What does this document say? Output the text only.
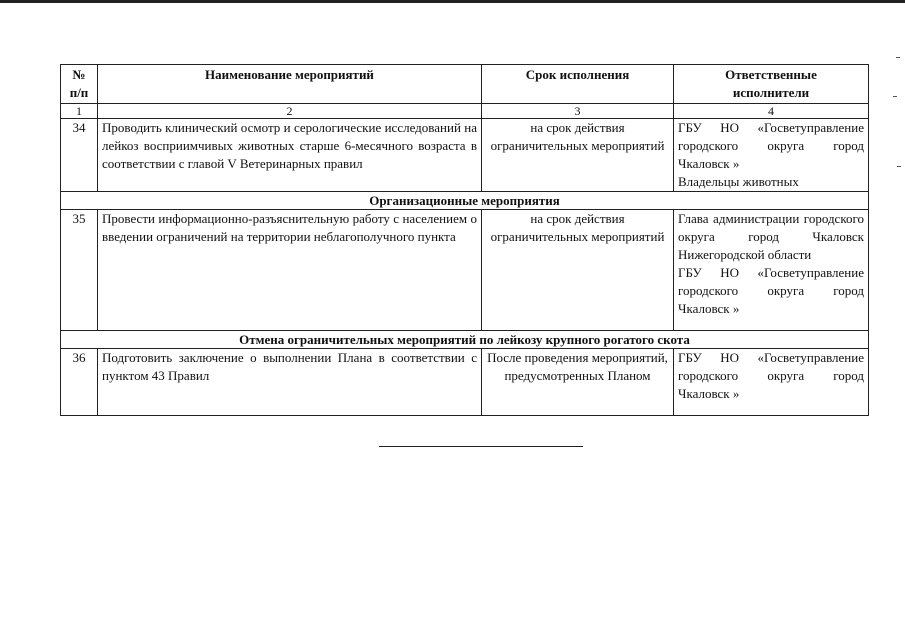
№
п/п	Наименование мероприятий	Срок исполнения	Ответственные
исполнители
1	2	3	4
34	Проводить клинический осмотр и серологические исследований на лейкоз восприимчивых животных старше 6-месячного возраста в соответствии с главой V Ветеринарных правил	на срок действия ограничительных мероприятий	ГБУ НО «Госветуправление городского округа город Чкаловск »
Владельцы животных

Организационные мероприятия			
35	Провести информационно-разъяснительную работу с населением о введении ограничений на территории неблагополучного пункта	на срок действия ограничительных мероприятий	Глава администрации городского округа город Чкаловск Нижегородской области
ГБУ НО «Госветуправление городского округа город Чкаловск »

Отмена ограничительных мероприятий по лейкозу крупного рогатого скота			
36	Подготовить заключение о выполнении Плана в соответствии с пунктом 43 Правил	После проведения мероприятий, предусмотренных Планом	ГБУ НО «Госветуправление городского округа город Чкаловск »
